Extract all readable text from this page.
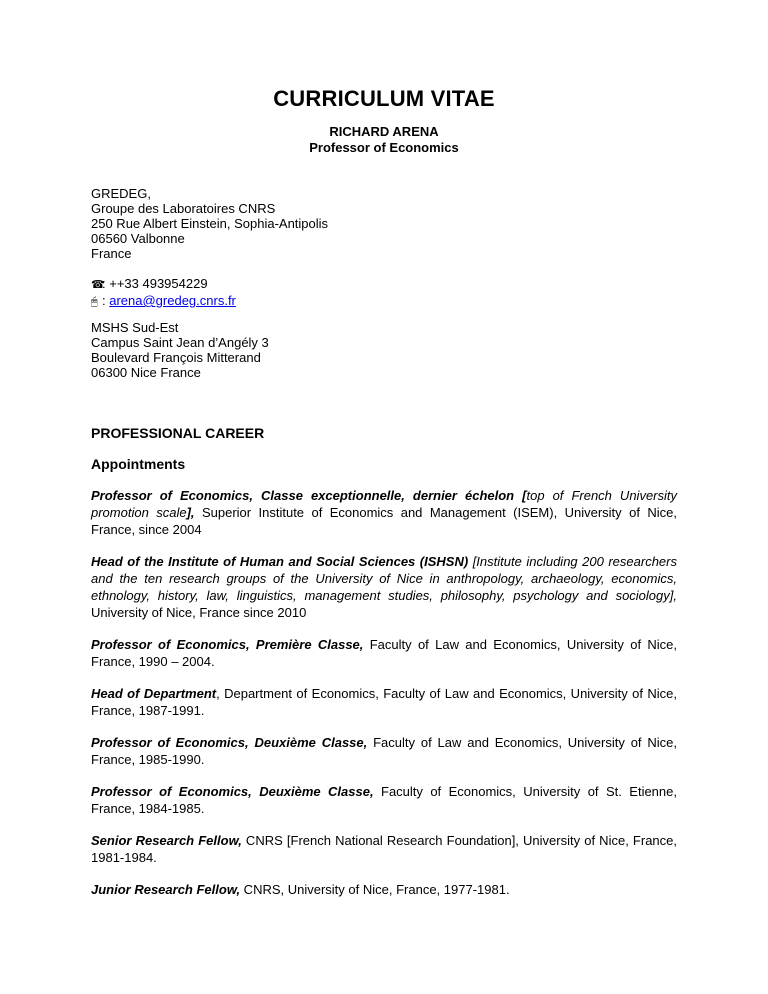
CURRICULUM VITAE
RICHARD ARENA
Professor of Economics
GREDEG,
Groupe des Laboratoires CNRS
250 Rue Albert Einstein, Sophia-Antipolis
06560 Valbonne
France
☎: ++33 493954229
🖱 : arena@gredeg.cnrs.fr
MSHS Sud-Est
Campus Saint Jean d’Angély 3
Boulevard François Mitterand
06300 Nice France
PROFESSIONAL CAREER
Appointments

Professor of Economics, Classe exceptionnelle, dernier échelon [top of French University promotion scale], Superior Institute of Economics and Management (ISEM), University of Nice, France, since 2004

Head of the Institute of Human and Social Sciences (ISHSN) [Institute including 200 researchers and the ten research groups of the University of Nice in anthropology, archaeology, economics, ethnology, history, law, linguistics, management studies, philosophy, psychology and sociology], University of Nice, France since 2010

Professor of Economics, Première Classe, Faculty of Law and Economics, University of Nice, France, 1990 – 2004.

Head of Department, Department of Economics, Faculty of Law and Economics, University of Nice, France, 1987-1991.

Professor of Economics, Deuxième Classe, Faculty of Law and Economics, University of Nice, France, 1985-1990.

Professor of Economics, Deuxième Classe, Faculty of Economics, University of St. Etienne, France, 1984-1985.

Senior Research Fellow, CNRS [French National Research Foundation], University of Nice, France, 1981-1984.

Junior Research Fellow, CNRS, University of Nice, France, 1977-1981.
